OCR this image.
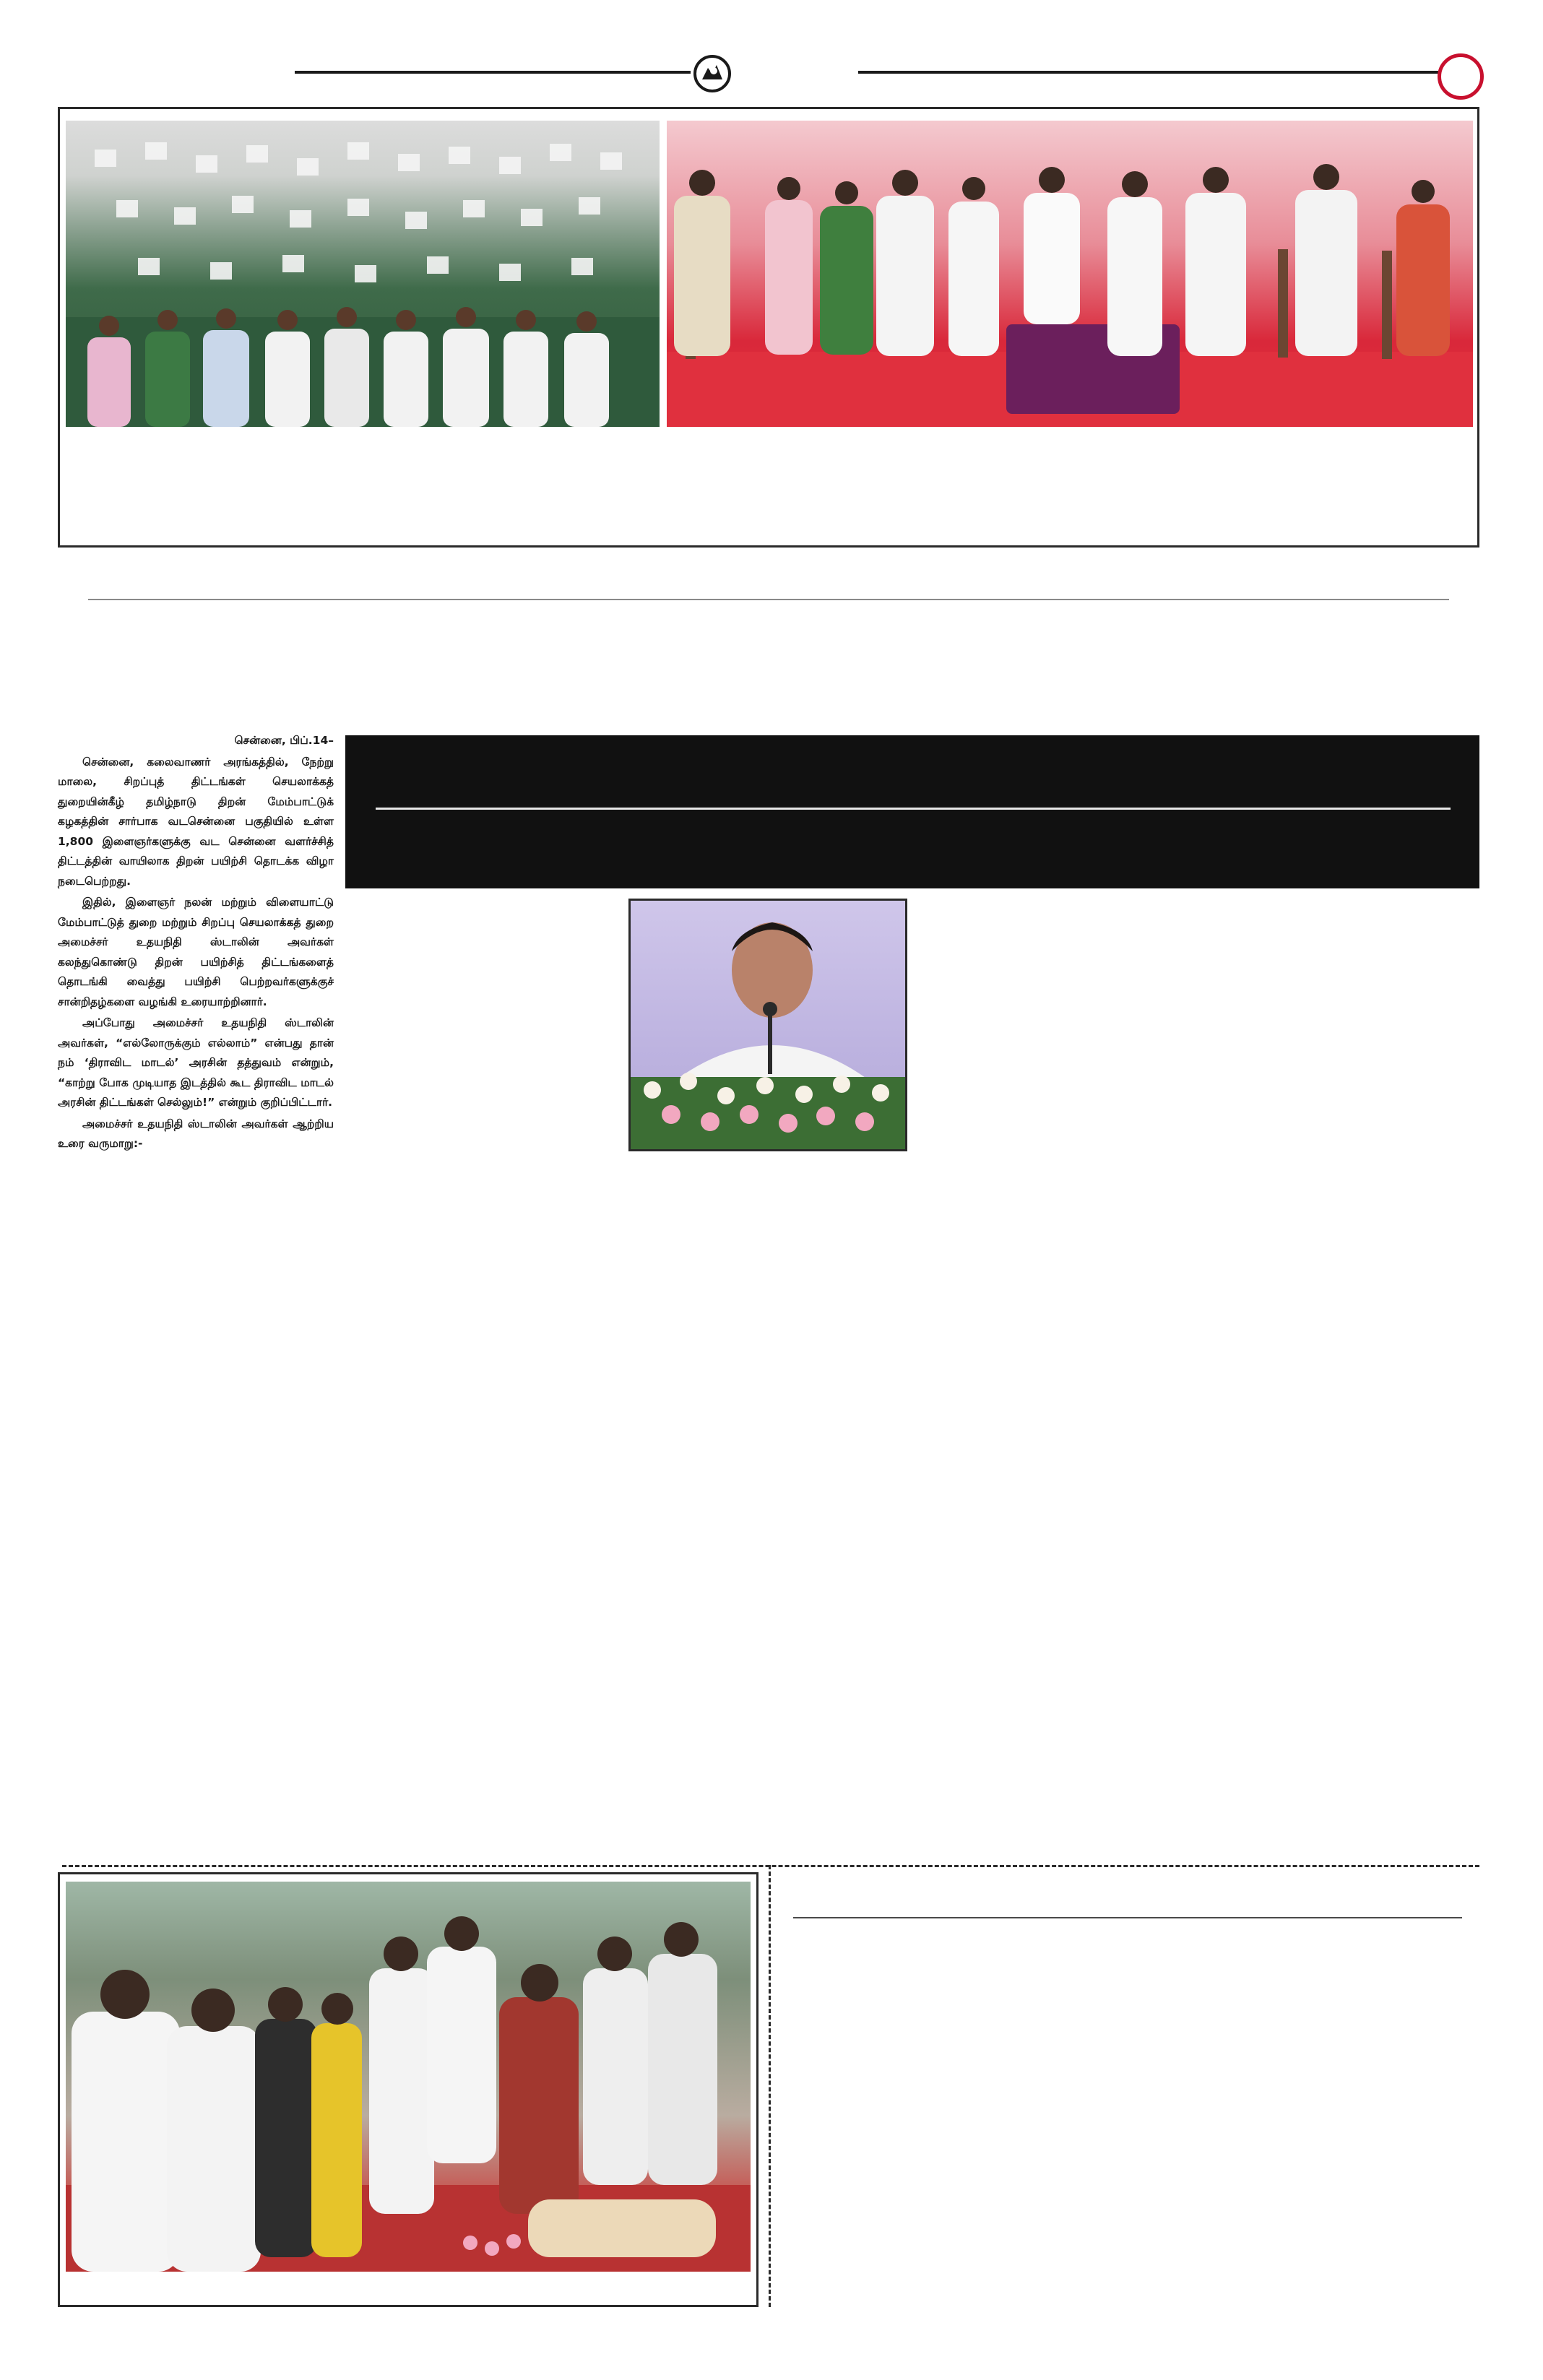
சென்னை, பிப்.14–

சென்னை, கலைவாணர் அரங்கத்தில், நேற்று மாலை, சிறப்புத் திட்டங்கள் செயலாக்கத் துறையின்கீழ் தமிழ்நாடு திறன் மேம்பாட்டுக் கழகத்தின் சார்பாக வடசென்னை பகுதியில் உள்ள 1,800 இளைஞர்களுக்கு வட சென்னை வளர்ச்சித் திட்டத்தின் வாயிலாக திறன் பயிற்சி தொடக்க விழா நடைபெற்றது.

இதில், இளைஞர் நலன் மற்றும் விளையாட்டு மேம்பாட்டுத் துறை மற்றும் சிறப்பு செயலாக்கத் துறை அமைச்சர் உதயநிதி ஸ்டாலின் அவர்கள் கலந்துகொண்டு திறன் பயிற்சித் திட்டங்களைத் தொடங்கி வைத்து பயிற்சி பெற்றவர்களுக்குச் சான்றிதழ்களை வழங்கி உரையாற்றினார்.

அப்போது அமைச்சர் உதயநிதி ஸ்டாலின் அவர்கள், “எல்லோருக்கும் எல்லாம்” என்பது தான் நம் ‘திராவிட மாடல்’ அரசின் தத்துவம் என்றும், “காற்று போக முடியாத இடத்தில் கூட திராவிட மாடல் அரசின் திட்டங்கள் செல்லும்!” என்றும் குறிப்பிட்டார்.

அமைச்சர் உதயநிதி ஸ்டாலின் அவர்கள் ஆற்றிய உரை வருமாறு:-
